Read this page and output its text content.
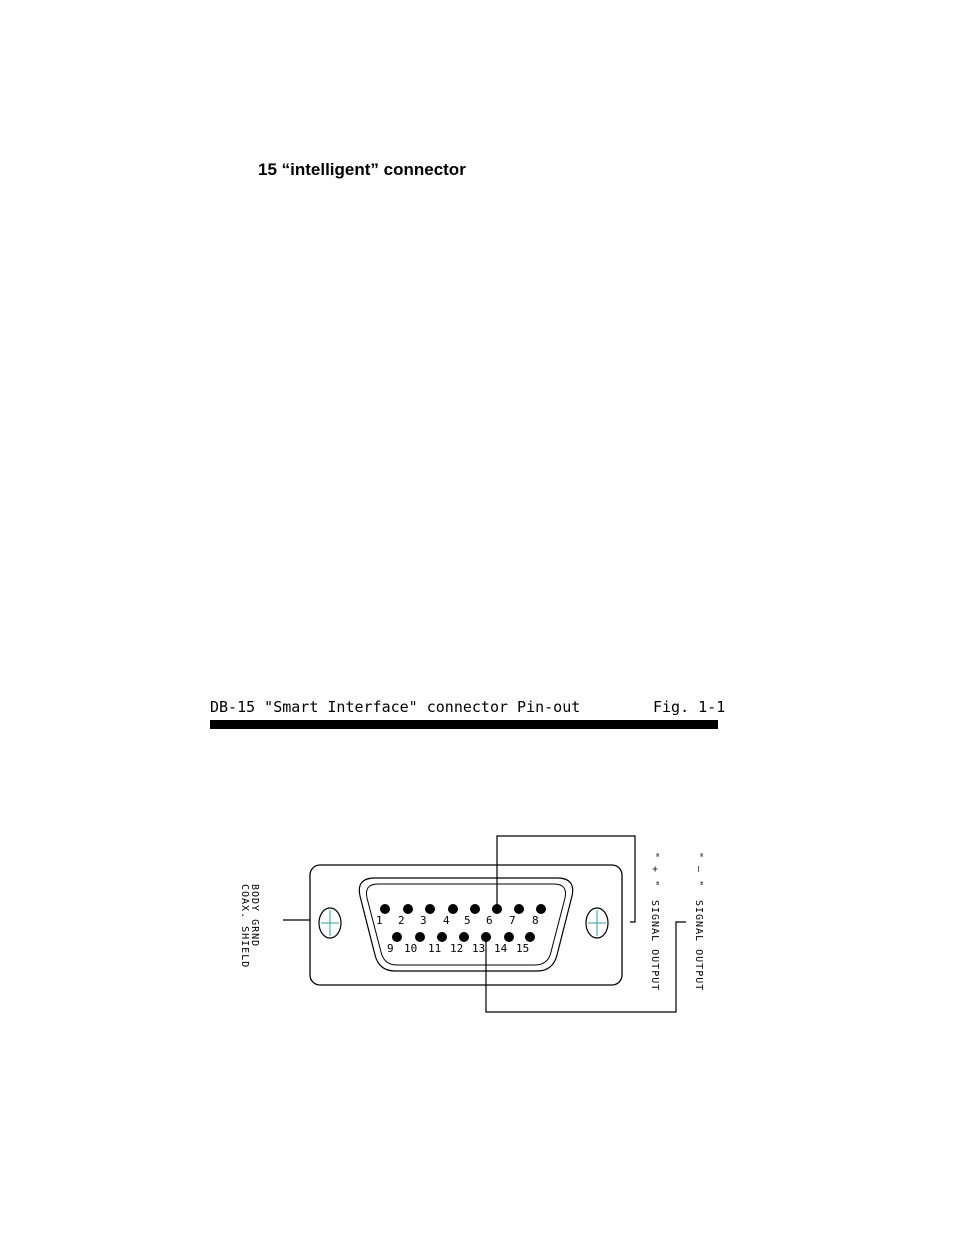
15 “intelligent” connector
DB-15 "Smart Interface" connector Pin-out	Fig. 1-1
1 2 3 4 5 6 7 8
9 10 11 12 13 14 15
BODY GRND
COAX. SHIELD
" + "
SIGNAL OUTPUT
" – "
SIGNAL OUTPUT
